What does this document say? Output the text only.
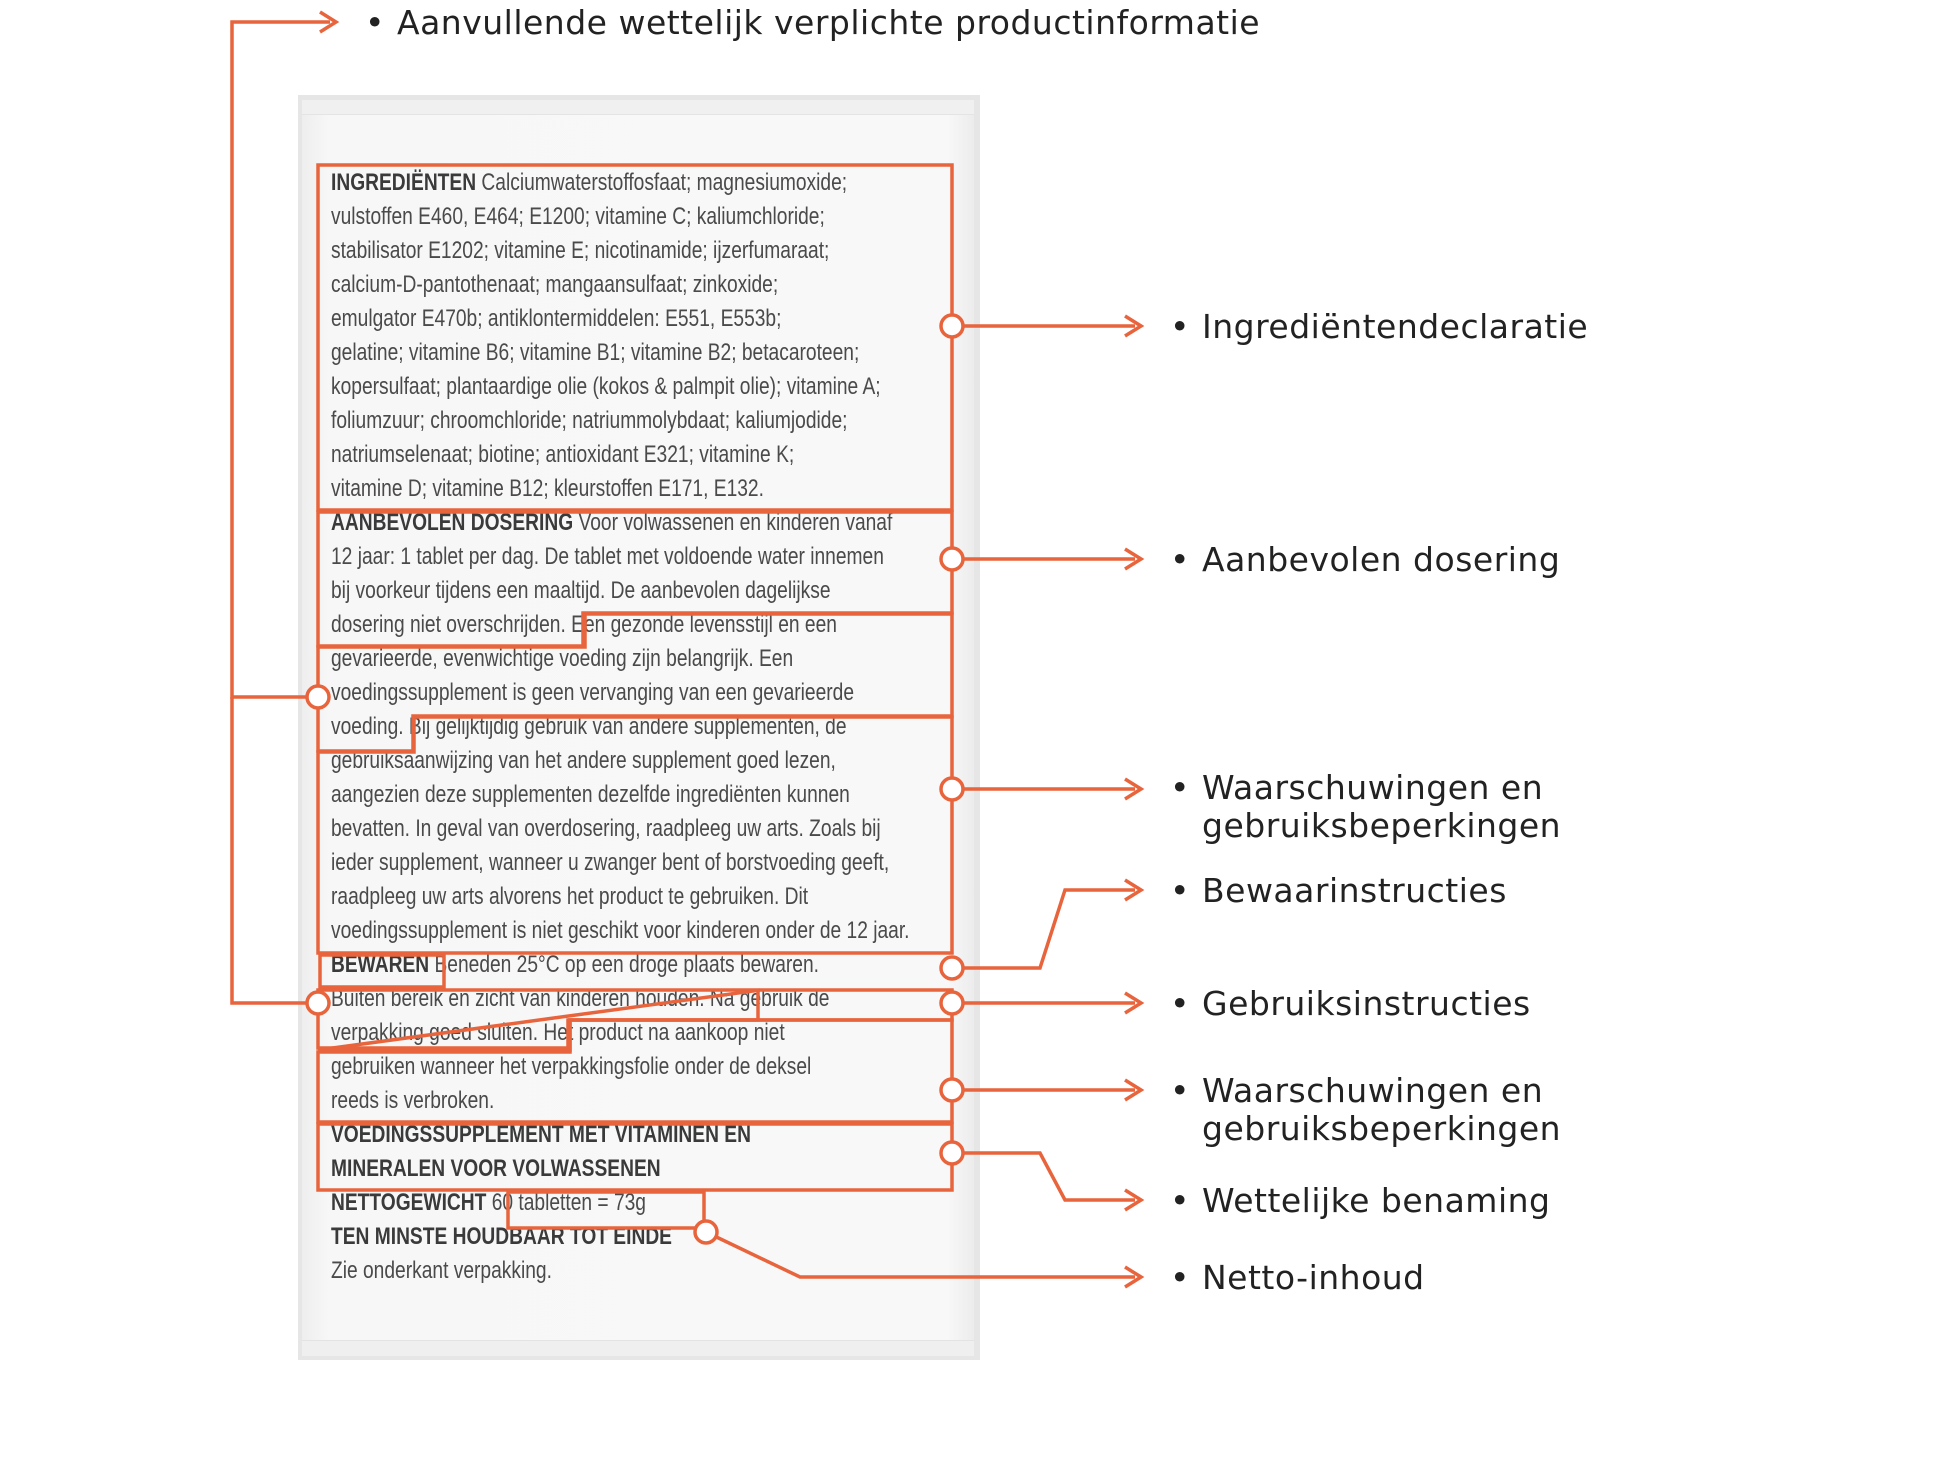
INGREDIËNTEN Calciumwaterstoffosfaat; magnesiumoxide;

vulstoffen E460, E464; E1200; vitamine C; kaliumchloride;

stabilisator E1202; vitamine E; nicotinamide; ijzerfumaraat;

calcium-D-pantothenaat; mangaansulfaat; zinkoxide;

emulgator E470b; antiklontermiddelen: E551, E553b;

gelatine; vitamine B6; vitamine B1; vitamine B2; betacaroteen;

kopersulfaat; plantaardige olie (kokos & palmpit olie); vitamine A;

foliumzuur; chroomchloride; natriummolybdaat; kaliumjodide;

natriumselenaat; biotine; antioxidant E321; vitamine K;

vitamine D; vitamine B12; kleurstoffen E171, E132.

AANBEVOLEN DOSERING Voor volwassenen en kinderen vanaf

12 jaar: 1 tablet per dag. De tablet met voldoende water innemen

bij voorkeur tijdens een maaltijd. De aanbevolen dagelijkse

dosering niet overschrijden. Een gezonde levensstijl en een

gevarieerde, evenwichtige voeding zijn belangrijk. Een

voedingssupplement is geen vervanging van een gevarieerde

voeding. Bij gelijktijdig gebruik van andere supplementen, de

gebruiksaanwijzing van het andere supplement goed lezen,

aangezien deze supplementen dezelfde ingrediënten kunnen

bevatten. In geval van overdosering, raadpleeg uw arts. Zoals bij

ieder supplement, wanneer u zwanger bent of borstvoeding geeft,

raadpleeg uw arts alvorens het product te gebruiken. Dit

voedingssupplement is niet geschikt voor kinderen onder de 12 jaar.

BEWAREN Beneden 25°C op een droge plaats bewaren.

Buiten bereik en zicht van kinderen houden. Na gebruik de

verpakking goed sluiten. Het product na aankoop niet

gebruiken wanneer het verpakkingsfolie onder de deksel

reeds is verbroken.

VOEDINGSSUPPLEMENT MET VITAMINEN EN

MINERALEN VOOR VOLWASSENEN

NETTOGEWICHT 60 tabletten = 73g

TEN MINSTE HOUDBAAR TOT EINDE

Zie onderkant verpakking.

• Aanvullende wettelijk verplichte productinformatie
• Ingrediëntendeclaratie
• Aanbevolen dosering
• Waarschuwingen en
gebruiksbeperkingen
• Bewaarinstructies
• Gebruiksinstructies
• Waarschuwingen en
gebruiksbeperkingen
• Wettelijke benaming
• Netto-inhoud
